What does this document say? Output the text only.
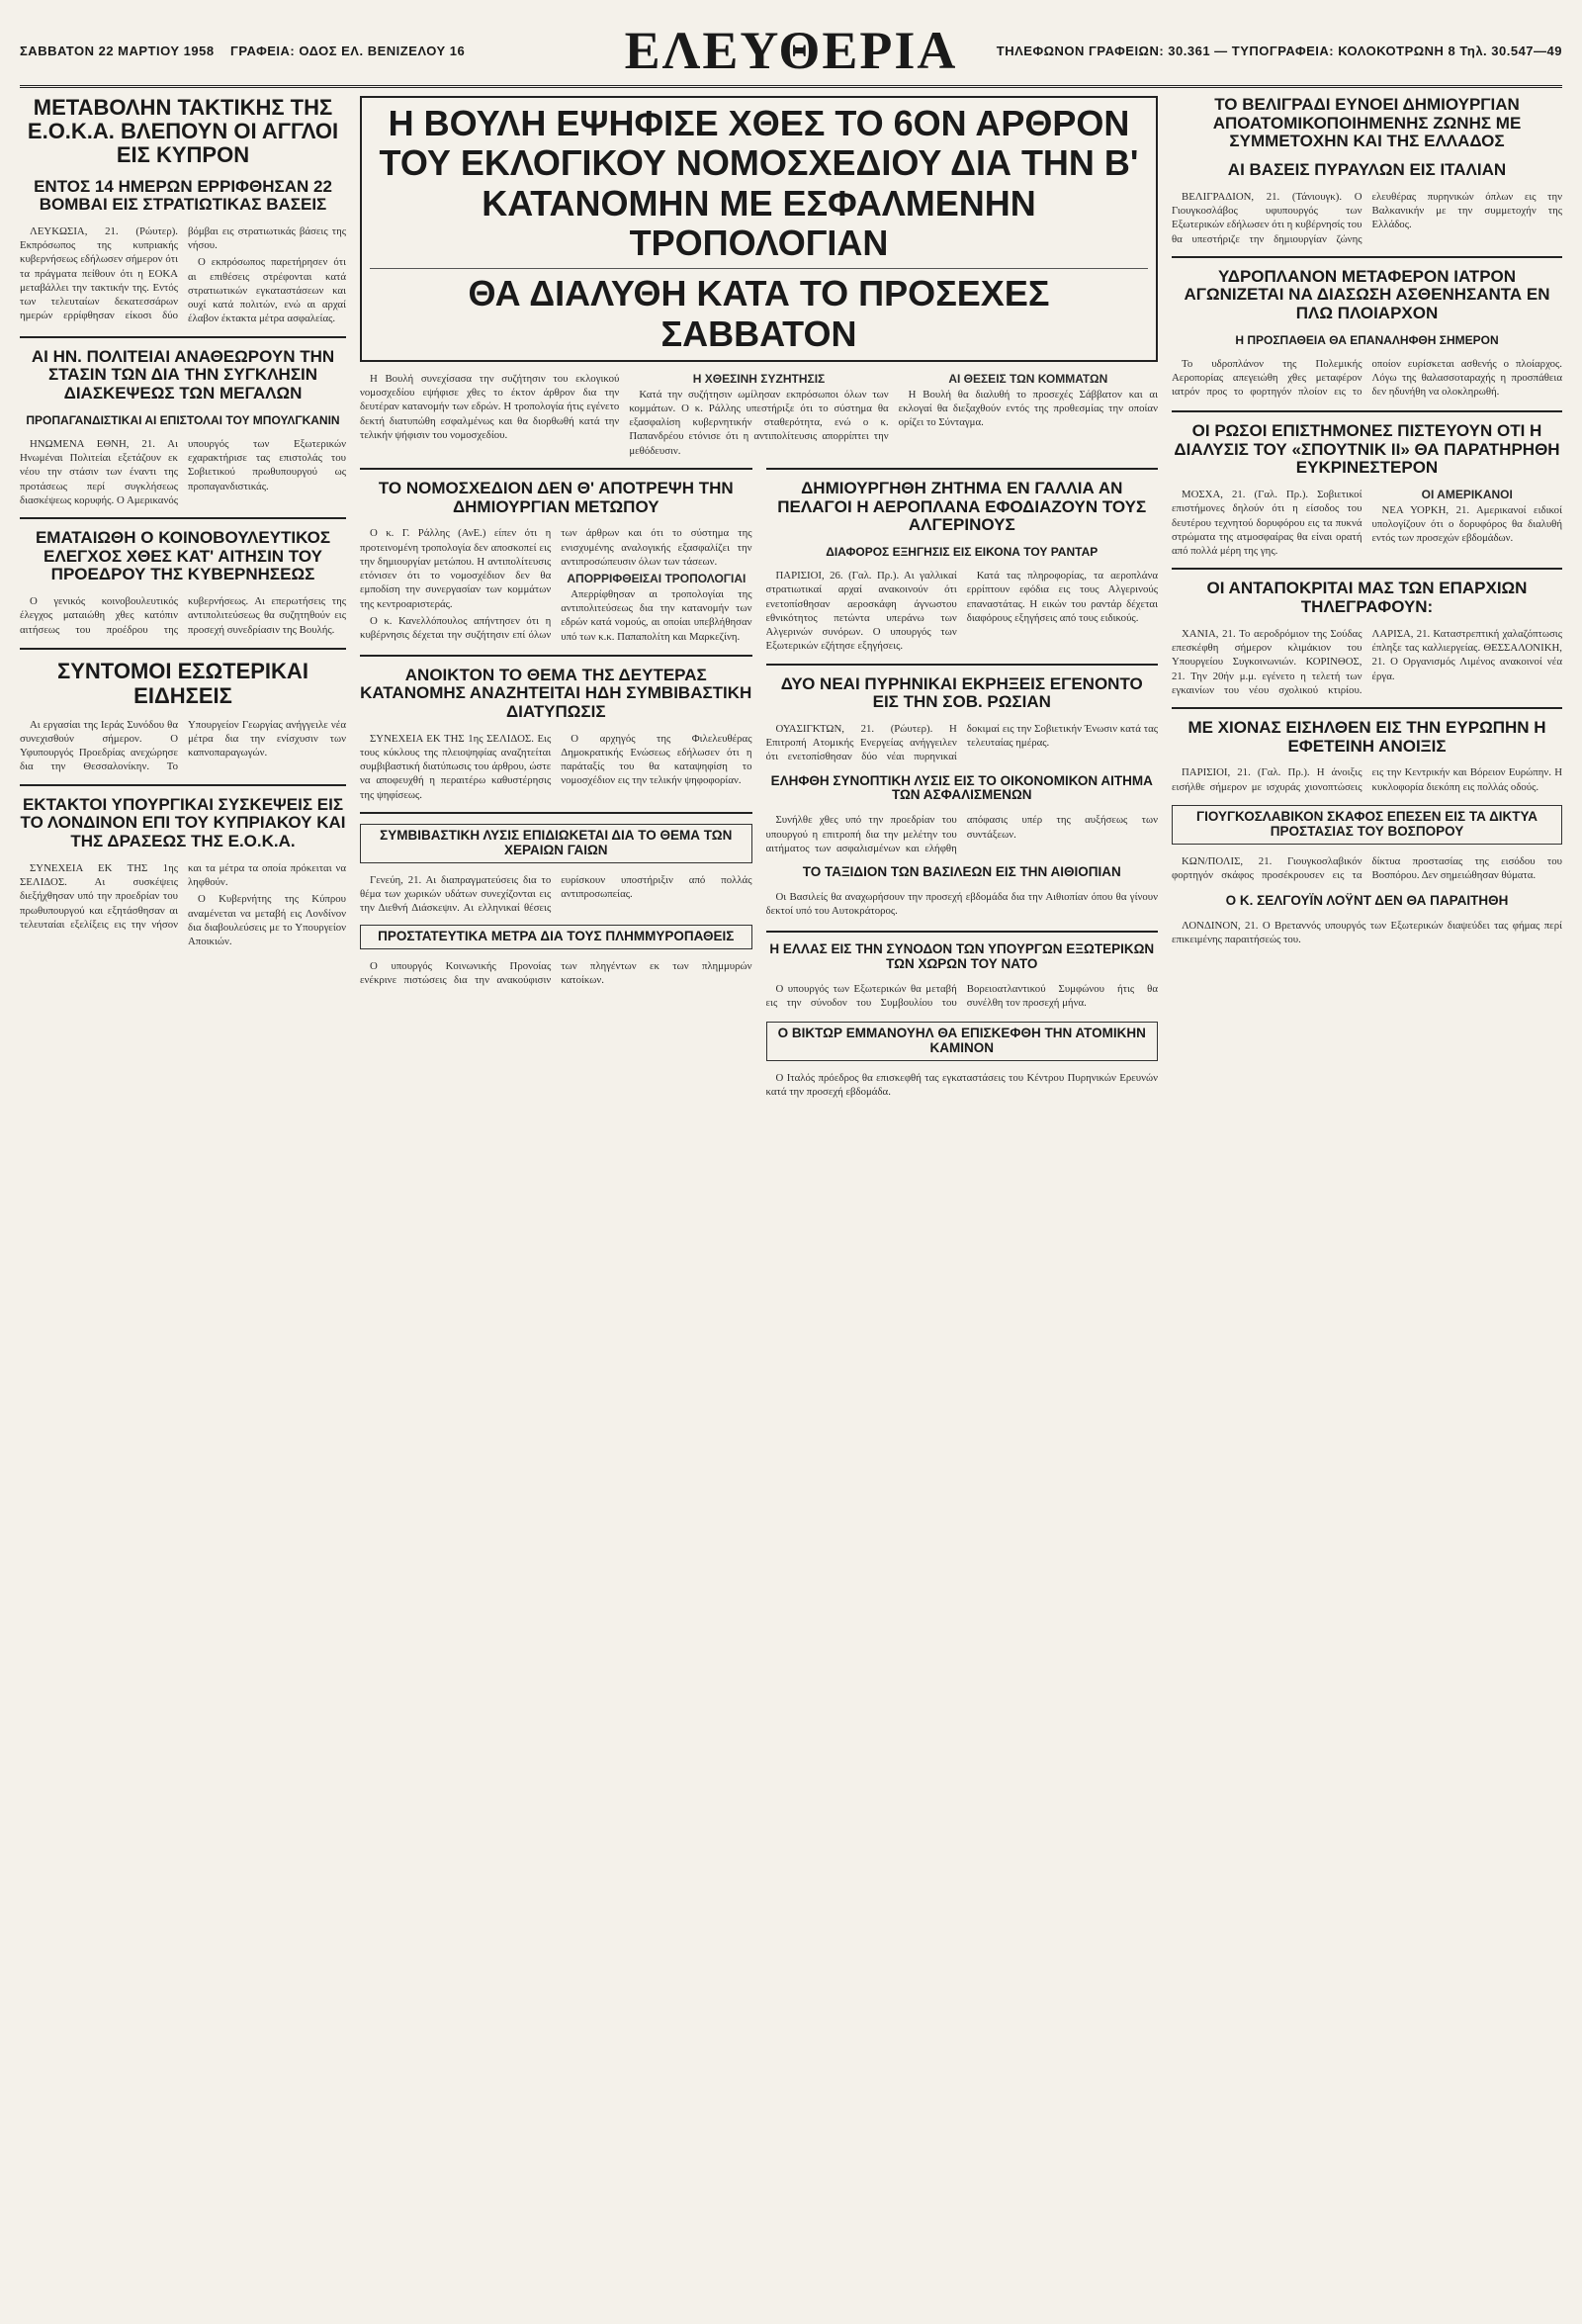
ΣΑΒΒΑΤΟΝ 22 ΜΑΡΤΙΟΥ 1958 ΓΡΑΦΕΙΑ: ΟΔΟΣ ΕΛ. ΒΕΝΙΖΕΛΟΥ 16	ΕΛΕΥΘΕΡΙΑ	ΤΗΛΕΦΩΝΟΝ ΓΡΑΦΕΙΩΝ: 30.361 — ΤΥΠΟΓΡΑΦΕΙΑ: ΚΟΛΟΚΟΤΡΩΝΗ 8 Τηλ. 30.547—49
ΜΕΤΑΒΟΛΗΝ ΤΑΚΤΙΚΗΣ ΤΗΣ Ε.Ο.Κ.Α. ΒΛΕΠΟΥΝ ΟΙ ΑΓΓΛΟΙ ΕΙΣ ΚΥΠΡΟΝ
ΕΝΤΟΣ 14 ΗΜΕΡΩΝ ΕΡΡΙΦΘΗΣΑΝ 22 ΒΟΜΒΑΙ ΕΙΣ ΣΤΡΑΤΙΩΤΙΚΑΣ ΒΑΣΕΙΣ

ΛΕΥΚΩΣΙΑ, 21. (Ρώυτερ). Εκπρόσωπος της κυπριακής κυβερνήσεως εδήλωσεν σήμερον ότι τα πράγματα πείθουν ότι η ΕΟΚΑ μεταβάλλει την τακτικήν της. Εντός των τελευταίων δεκατεσσάρων ημερών ερρίφθησαν είκοσι δύο βόμβαι εις στρατιωτικάς βάσεις της νήσου.

Ο εκπρόσωπος παρετήρησεν ότι αι επιθέσεις στρέφονται κατά στρατιωτικών εγκαταστάσεων και ουχί κατά πολιτών, ενώ αι αρχαί έλαβον έκτακτα μέτρα ασφαλείας.

ΑΙ ΗΝ. ΠΟΛΙΤΕΙΑΙ ΑΝΑΘΕΩΡΟΥΝ ΤΗΝ ΣΤΑΣΙΝ ΤΩΝ ΔΙΑ ΤΗΝ ΣΥΓΚΛΗΣΙΝ ΔΙΑΣΚΕΨΕΩΣ ΤΩΝ ΜΕΓΑΛΩΝ
ΠΡΟΠΑΓΑΝΔΙΣΤΙΚΑΙ ΑΙ ΕΠΙΣΤΟΛΑΙ ΤΟΥ ΜΠΟΥΛΓΚΑΝΙΝ

ΗΝΩΜΕΝΑ ΕΘΝΗ, 21. Αι Ηνωμέναι Πολιτείαι εξετάζουν εκ νέου την στάσιν των έναντι της προτάσεως περί συγκλήσεως διασκέψεως κορυφής. Ο Αμερικανός υπουργός των Εξωτερικών εχαρακτήρισε τας επιστολάς του Σοβιετικού πρωθυπουργού ως προπαγανδιστικάς.

ΕΜΑΤΑΙΩΘΗ Ο ΚΟΙΝΟΒΟΥΛΕΥΤΙΚΟΣ ΕΛΕΓΧΟΣ ΧΘΕΣ ΚΑΤ' ΑΙΤΗΣΙΝ ΤΟΥ ΠΡΟΕΔΡΟΥ ΤΗΣ ΚΥΒΕΡΝΗΣΕΩΣ

Ο γενικός κοινοβουλευτικός έλεγχος ματαιώθη χθες κατόπιν αιτήσεως του προέδρου της κυβερνήσεως. Αι επερωτήσεις της αντιπολιτεύσεως θα συζητηθούν εις προσεχή συνεδρίασιν της Βουλής.

ΣΥΝΤΟΜΟΙ ΕΣΩΤΕΡΙΚΑΙ ΕΙΔΗΣΕΙΣ

Αι εργασίαι της Ιεράς Συνόδου θα συνεχισθούν σήμερον. Ο Υφυπουργός Προεδρίας ανεχώρησε δια την Θεσσαλονίκην. Το Υπουργείον Γεωργίας ανήγγειλε νέα μέτρα δια την ενίσχυσιν των καπνοπαραγωγών.

ΕΚΤΑΚΤΟΙ ΥΠΟΥΡΓΙΚΑΙ ΣΥΣΚΕΨΕΙΣ ΕΙΣ ΤΟ ΛΟΝΔΙΝΟΝ ΕΠΙ ΤΟΥ ΚΥΠΡΙΑΚΟΥ ΚΑΙ ΤΗΣ ΔΡΑΣΕΩΣ ΤΗΣ Ε.Ο.Κ.Α.

ΣΥΝΕΧΕΙΑ ΕΚ ΤΗΣ 1ης ΣΕΛΙΔΟΣ. Αι συσκέψεις διεξήχθησαν υπό την προεδρίαν του πρωθυπουργού και εξητάσθησαν αι τελευταίαι εξελίξεις εις την νήσον και τα μέτρα τα οποία πρόκειται να ληφθούν.

Ο Κυβερνήτης της Κύπρου αναμένεται να μεταβή εις Λονδίνον δια διαβουλεύσεις με το Υπουργείον Αποικιών.

Η ΒΟΥΛΗ ΕΨΗΦΙΣΕ ΧΘΕΣ ΤΟ 6ΟΝ ΑΡΘΡΟΝ ΤΟΥ ΕΚΛΟΓΙΚΟΥ ΝΟΜΟΣΧΕΔΙΟΥ ΔΙΑ ΤΗΝ Β' ΚΑΤΑΝΟΜΗΝ ΜΕ ΕΣΦΑΛΜΕΝΗΝ ΤΡΟΠΟΛΟΓΙΑΝ
ΘΑ ΔΙΑΛΥΘΗ ΚΑΤΑ ΤΟ ΠΡΟΣΕΧΕΣ ΣΑΒΒΑΤΟΝ

Η Βουλή συνεχίσασα την συζήτησιν του εκλογικού νομοσχεδίου εψήφισε χθες το έκτον άρθρον δια την δευτέραν κατανομήν των εδρών. Η τροπολογία ήτις εγένετο δεκτή διατυπώθη εσφαλμένως και θα διορθωθή κατά την τελικήν ψήφισιν του νομοσχεδίου.

Η ΧΘΕΣΙΝΗ ΣΥΖΗΤΗΣΙΣ

Κατά την συζήτησιν ωμίλησαν εκπρόσωποι όλων των κομμάτων. Ο κ. Ράλλης υπεστήριξε ότι το σύστημα θα εξασφαλίση κυβερνητικήν σταθερότητα, ενώ ο κ. Παπανδρέου ετόνισε ότι η αντιπολίτευσις απορρίπτει την μεθόδευσιν.

ΑΙ ΘΕΣΕΙΣ ΤΩΝ ΚΟΜΜΑΤΩΝ

Η Βουλή θα διαλυθή το προσεχές Σάββατον και αι εκλογαί θα διεξαχθούν εντός της προθεσμίας την οποίαν ορίζει το Σύνταγμα.

ΤΟ ΝΟΜΟΣΧΕΔΙΟΝ ΔΕΝ Θ' ΑΠΟΤΡΕΨΗ ΤΗΝ ΔΗΜΙΟΥΡΓΙΑΝ ΜΕΤΩΠΟΥ

Ο κ. Γ. Ράλλης (ΑνΕ.) είπεν ότι η προτεινομένη τροπολογία δεν αποσκοπεί εις την δημιουργίαν μετώπου. Η αντιπολίτευσις ετόνισεν ότι το νομοσχέδιον δεν θα εμποδίση την συνεργασίαν των κομμάτων της κεντροαριστεράς.

Ο κ. Κανελλόπουλος απήντησεν ότι η κυβέρνησις δέχεται την συζήτησιν επί όλων των άρθρων και ότι το σύστημα της ενισχυμένης αναλογικής εξασφαλίζει την αντιπροσώπευσιν όλων των τάσεων.

ΑΠΟΡΡΙΦΘΕΙΣΑΙ ΤΡΟΠΟΛΟΓΙΑΙ

Απερρίφθησαν αι τροπολογίαι της αντιπολιτεύσεως δια την κατανομήν των εδρών κατά νομούς, αι οποίαι υπεβλήθησαν υπό των κ.κ. Παπαπολίτη και Μαρκεζίνη.

ΑΝΟΙΚΤΟΝ ΤΟ ΘΕΜΑ ΤΗΣ ΔΕΥΤΕΡΑΣ ΚΑΤΑΝΟΜΗΣ ΑΝΑΖΗΤΕΙΤΑΙ ΗΔΗ ΣΥΜΒΙΒΑΣΤΙΚΗ ΔΙΑΤΥΠΩΣΙΣ

ΣΥΝΕΧΕΙΑ ΕΚ ΤΗΣ 1ης ΣΕΛΙΔΟΣ. Εις τους κύκλους της πλειοψηφίας αναζητείται συμβιβαστική διατύπωσις του άρθρου, ώστε να αποφευχθή η περαιτέρω καθυστέρησις της ψηφίσεως.

Ο αρχηγός της Φιλελευθέρας Δημοκρατικής Ενώσεως εδήλωσεν ότι η παράταξίς του θα καταψηφίση το νομοσχέδιον εις την τελικήν ψηφοφορίαν.

ΣΥΜΒΙΒΑΣΤΙΚΗ ΛΥΣΙΣ ΕΠΙΔΙΩΚΕΤΑΙ ΔΙΑ ΤΟ ΘΕΜΑ ΤΩΝ ΧΕΡΑΙΩΝ ΓΑΙΩΝ

Γενεύη, 21. Αι διαπραγματεύσεις δια το θέμα των χωρικών υδάτων συνεχίζονται εις την Διεθνή Διάσκεψιν. Αι ελληνικαί θέσεις ευρίσκουν υποστήριξιν από πολλάς αντιπροσωπείας.

ΠΡΟΣΤΑΤΕΥΤΙΚΑ ΜΕΤΡΑ ΔΙΑ ΤΟΥΣ ΠΛΗΜΜΥΡΟΠΑΘΕΙΣ

Ο υπουργός Κοινωνικής Προνοίας ενέκρινε πιστώσεις δια την ανακούφισιν των πληγέντων εκ των πλημμυρών κατοίκων.

ΔΗΜΙΟΥΡΓΗΘΗ ΖΗΤΗΜΑ ΕΝ ΓΑΛΛΙΑ ΑΝ ΠΕΛΑΓΟΙ Η ΑΕΡΟΠΛΑΝΑ ΕΦΟΔΙΑΖΟΥΝ ΤΟΥΣ ΑΛΓΕΡΙΝΟΥΣ
ΔΙΑΦΟΡΟΣ ΕΞΗΓΗΣΙΣ ΕΙΣ ΕΙΚΟΝΑ ΤΟΥ ΡΑΝΤΑΡ

ΠΑΡΙΣΙΟΙ, 26. (Γαλ. Πρ.). Αι γαλλικαί στρατιωτικαί αρχαί ανακοινούν ότι ενετοπίσθησαν αεροσκάφη άγνωστου εθνικότητος πετώντα υπεράνω των Αλγερινών συνόρων. Ο υπουργός των Εξωτερικών εζήτησε εξηγήσεις.

Κατά τας πληροφορίας, τα αεροπλάνα ερρίπτουν εφόδια εις τους Αλγερινούς επαναστάτας. Η εικών του ραντάρ δέχεται διαφόρους εξηγήσεις από τους ειδικούς.

ΔΥΟ ΝΕΑΙ ΠΥΡΗΝΙΚΑΙ ΕΚΡΗΞΕΙΣ ΕΓΕΝΟΝΤΟ ΕΙΣ ΤΗΝ ΣΟΒ. ΡΩΣΙΑΝ

ΟΥΑΣΙΓΚΤΩΝ, 21. (Ρώυτερ). Η Επιτροπή Ατομικής Ενεργείας ανήγγειλεν ότι ενετοπίσθησαν δύο νέαι πυρηνικαί δοκιμαί εις την Σοβιετικήν Ένωσιν κατά τας τελευταίας ημέρας.

ΕΛΗΦΘΗ ΣΥΝΟΠΤΙΚΗ ΛΥΣΙΣ ΕΙΣ ΤΟ ΟΙΚΟΝΟΜΙΚΟΝ ΑΙΤΗΜΑ ΤΩΝ ΑΣΦΑΛΙΣΜΕΝΩΝ

Συνήλθε χθες υπό την προεδρίαν του υπουργού η επιτροπή δια την μελέτην του αιτήματος των ασφαλισμένων και ελήφθη απόφασις υπέρ της αυξήσεως των συντάξεων.

ΤΟ ΤΑΞΙΔΙΟΝ ΤΩΝ ΒΑΣΙΛΕΩΝ ΕΙΣ ΤΗΝ ΑΙΘΙΟΠΙΑΝ

Οι Βασιλείς θα αναχωρήσουν την προσεχή εβδομάδα δια την Αιθιοπίαν όπου θα γίνουν δεκτοί υπό του Αυτοκράτορος.

Η ΕΛΛΑΣ ΕΙΣ ΤΗΝ ΣΥΝΟΔΟΝ ΤΩΝ ΥΠΟΥΡΓΩΝ ΕΞΩΤΕΡΙΚΩΝ ΤΩΝ ΧΩΡΩΝ ΤΟΥ ΝΑΤΟ

Ο υπουργός των Εξωτερικών θα μεταβή εις την σύνοδον του Συμβουλίου του Βορειοατλαντικού Συμφώνου ήτις θα συνέλθη τον προσεχή μήνα.

Ο ΒΙΚΤΩΡ ΕΜΜΑΝΟΥΗΛ ΘΑ ΕΠΙΣΚΕΦΘΗ ΤΗΝ ΑΤΟΜΙΚΗΝ ΚΑΜΙΝΟΝ

Ο Ιταλός πρόεδρος θα επισκεφθή τας εγκαταστάσεις του Κέντρου Πυρηνικών Ερευνών κατά την προσεχή εβδομάδα.

ΤΟ ΒΕΛΙΓΡΑΔΙ ΕΥΝΟΕΙ ΔΗΜΙΟΥΡΓΙΑΝ ΑΠΟΑΤΟΜΙΚΟΠΟΙΗΜΕΝΗΣ ΖΩΝΗΣ ΜΕ ΣΥΜΜΕΤΟΧΗΝ ΚΑΙ ΤΗΣ ΕΛΛΑΔΟΣ
ΑΙ ΒΑΣΕΙΣ ΠΥΡΑΥΛΩΝ ΕΙΣ ΙΤΑΛΙΑΝ

ΒΕΛΙΓΡΑΔΙΟΝ, 21. (Τάνιουγκ). Ο Γιουγκοσλάβος υφυπουργός των Εξωτερικών εδήλωσεν ότι η κυβέρνησίς του θα υπεστήριζε την δημιουργίαν ζώνης ελευθέρας πυρηνικών όπλων εις την Βαλκανικήν με την συμμετοχήν της Ελλάδος.

ΥΔΡΟΠΛΑΝΟΝ ΜΕΤΑΦΕΡΟΝ ΙΑΤΡΟΝ ΑΓΩΝΙΖΕΤΑΙ ΝΑ ΔΙΑΣΩΣΗ ΑΣΘΕΝΗΣΑΝΤΑ ΕΝ ΠΛΩ ΠΛΟΙΑΡΧΟΝ
Η ΠΡΟΣΠΑΘΕΙΑ ΘΑ ΕΠΑΝΑΛΗΦΘΗ ΣΗΜΕΡΟΝ

Το υδροπλάνον της Πολεμικής Αεροπορίας απεγειώθη χθες μεταφέρον ιατρόν προς το φορτηγόν πλοίον εις το οποίον ευρίσκεται ασθενής ο πλοίαρχος. Λόγω της θαλασσοταραχής η προσπάθεια δεν ηδυνήθη να ολοκληρωθή.

ΟΙ ΡΩΣΟΙ ΕΠΙΣΤΗΜΟΝΕΣ ΠΙΣΤΕΥΟΥΝ ΟΤΙ Η ΔΙΑΛΥΣΙΣ ΤΟΥ «ΣΠΟΥΤΝΙΚ ΙΙ» ΘΑ ΠΑΡΑΤΗΡΗΘΗ ΕΥΚΡΙΝΕΣΤΕΡΟΝ

ΜΟΣΧΑ, 21. (Γαλ. Πρ.). Σοβιετικοί επιστήμονες δηλούν ότι η είσοδος του δευτέρου τεχνητού δορυφόρου εις τα πυκνά στρώματα της ατμοσφαίρας θα είναι ορατή από πολλά μέρη της γης.

ΟΙ ΑΜΕΡΙΚΑΝΟΙ

ΝΕΑ ΥΟΡΚΗ, 21. Αμερικανοί ειδικοί υπολογίζουν ότι ο δορυφόρος θα διαλυθή εντός των προσεχών εβδομάδων.

ΟΙ ΑΝΤΑΠΟΚΡΙΤΑΙ ΜΑΣ ΤΩΝ ΕΠΑΡΧΙΩΝ ΤΗΛΕΓΡΑΦΟΥΝ:

ΧΑΝΙΑ, 21. Το αεροδρόμιον της Σούδας επεσκέφθη σήμερον κλιμάκιον του Υπουργείου Συγκοινωνιών. ΚΟΡΙΝΘΟΣ, 21. Την 20ήν μ.μ. εγένετο η τελετή των εγκαινίων του νέου σχολικού κτιρίου. ΛΑΡΙΣΑ, 21. Καταστρεπτική χαλαζόπτωσις έπληξε τας καλλιεργείας. ΘΕΣΣΑΛΟΝΙΚΗ, 21. Ο Οργανισμός Λιμένος ανακοινοί νέα έργα.

ΜΕ ΧΙΟΝΑΣ ΕΙΣΗΛΘΕΝ ΕΙΣ ΤΗΝ ΕΥΡΩΠΗΝ Η ΕΦΕΤΕΙΝΗ ΑΝΟΙΞΙΣ

ΠΑΡΙΣΙΟΙ, 21. (Γαλ. Πρ.). Η άνοιξις εισήλθε σήμερον με ισχυράς χιονοπτώσεις εις την Κεντρικήν και Βόρειον Ευρώπην. Η κυκλοφορία διεκόπη εις πολλάς οδούς.

ΓΙΟΥΓΚΟΣΛΑΒΙΚΟΝ ΣΚΑΦΟΣ ΕΠΕΣΕΝ ΕΙΣ ΤΑ ΔΙΚΤΥΑ ΠΡΟΣΤΑΣΙΑΣ ΤΟΥ ΒΟΣΠΟΡΟΥ

ΚΩΝ/ΠΟΛΙΣ, 21. Γιουγκοσλαβικόν φορτηγόν σκάφος προσέκρουσεν εις τα δίκτυα προστασίας της εισόδου του Βοσπόρου. Δεν σημειώθησαν θύματα.

Ο Κ. ΣΕΛΓΟΥΪΝ ΛΟΫΝΤ ΔΕΝ ΘΑ ΠΑΡΑΙΤΗΘΗ

ΛΟΝΔΙΝΟΝ, 21. Ο Βρεταννός υπουργός των Εξωτερικών διαψεύδει τας φήμας περί επικειμένης παραιτήσεώς του.
